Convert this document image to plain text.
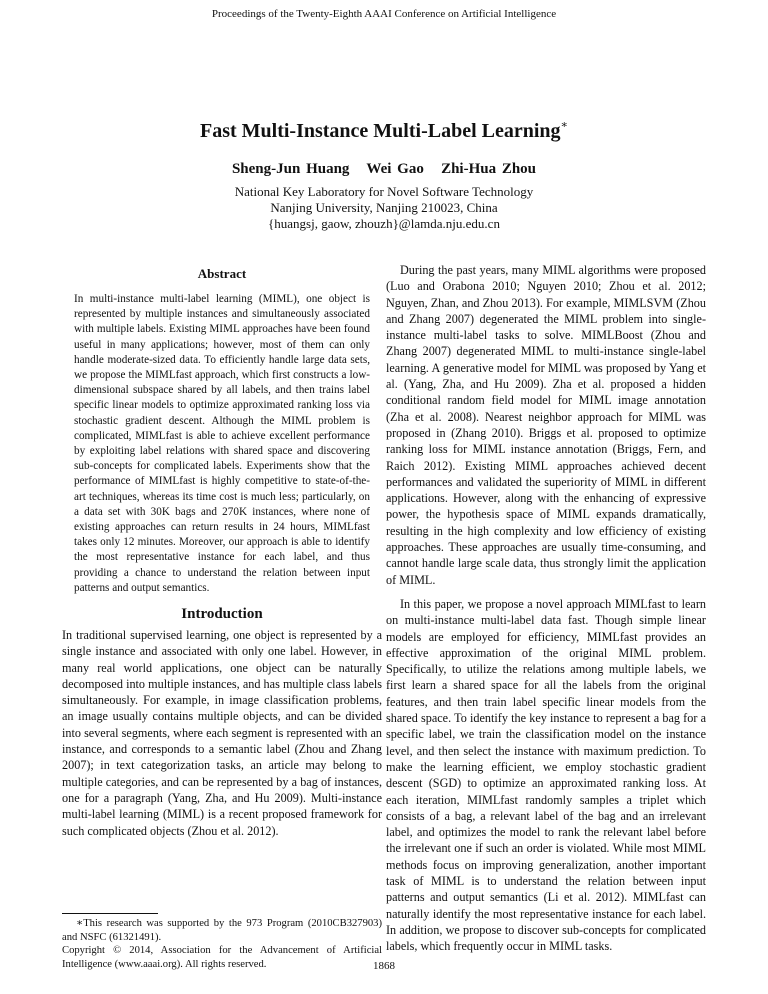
Proceedings of the Twenty-Eighth AAAI Conference on Artificial Intelligence
Fast Multi-Instance Multi-Label Learning∗
Sheng-Jun Huang   Wei Gao   Zhi-Hua Zhou
National Key Laboratory for Novel Software Technology
Nanjing University, Nanjing 210023, China
{huangsj, gaow, zhouzh}@lamda.nju.edu.cn
Abstract
In multi-instance multi-label learning (MIML), one object is represented by multiple instances and simultaneously associated with multiple labels. Existing MIML approaches have been found useful in many applications; however, most of them can only handle moderate-sized data. To efficiently handle large data sets, we propose the MIMLfast approach, which first constructs a low-dimensional subspace shared by all labels, and then trains label specific linear models to optimize approximated ranking loss via stochastic gradient descent. Although the MIML problem is complicated, MIMLfast is able to achieve excellent performance by exploiting label relations with shared space and discovering sub-concepts for complicated labels. Experiments show that the performance of MIMLfast is highly competitive to state-of-the-art techniques, whereas its time cost is much less; particularly, on a data set with 30K bags and 270K instances, where none of existing approaches can return results in 24 hours, MIMLfast takes only 12 minutes. Moreover, our approach is able to identify the most representative instance for each label, and thus providing a chance to understand the relation between input patterns and output semantics.
Introduction

In traditional supervised learning, one object is represented by a single instance and associated with only one label. However, in many real world applications, one object can be naturally decomposed into multiple instances, and has multiple class labels simultaneously. For example, in image classification problems, an image usually contains multiple objects, and can be divided into several segments, where each segment is represented with an instance, and corresponds to a semantic label (Zhou and Zhang 2007); in text categorization tasks, an article may belong to multiple categories, and can be represented by a bag of instances, one for a paragraph (Yang, Zha, and Hu 2009). Multi-instance multi-label learning (MIML) is a recent proposed framework for such complicated objects (Zhou et al. 2012).

∗This research was supported by the 973 Program (2010CB327903) and NSFC (61321491).

Copyright © 2014, Association for the Advancement of Artificial Intelligence (www.aaai.org). All rights reserved.

During the past years, many MIML algorithms were proposed (Luo and Orabona 2010; Nguyen 2010; Zhou et al. 2012; Nguyen, Zhan, and Zhou 2013). For example, MIMLSVM (Zhou and Zhang 2007) degenerated the MIML problem into single-instance multi-label tasks to solve. MIMLBoost (Zhou and Zhang 2007) degenerated MIML to multi-instance single-label learning. A generative model for MIML was proposed by Yang et al. (Yang, Zha, and Hu 2009). Zha et al. proposed a hidden conditional random field model for MIML image annotation (Zha et al. 2008). Nearest neighbor approach for MIML was proposed in (Zhang 2010). Briggs et al. proposed to optimize ranking loss for MIML instance annotation (Briggs, Fern, and Raich 2012). Existing MIML approaches achieved decent performances and validated the superiority of MIML in different applications. However, along with the enhancing of expressive power, the hypothesis space of MIML expands dramatically, resulting in the high complexity and low efficiency of existing approaches. These approaches are usually time-consuming, and cannot handle large scale data, thus strongly limit the application of MIML.

In this paper, we propose a novel approach MIMLfast to learn on multi-instance multi-label data fast. Though simple linear models are employed for efficiency, MIMLfast provides an effective approximation of the original MIML problem. Specifically, to utilize the relations among multiple labels, we first learn a shared space for all the labels from the original features, and then train label specific linear models from the shared space. To identify the key instance to represent a bag for a specific label, we train the classification model on the instance level, and then select the instance with maximum prediction. To make the learning efficient, we employ stochastic gradient descent (SGD) to optimize an approximated ranking loss. At each iteration, MIMLfast randomly samples a triplet which consists of a bag, a relevant label of the bag and an irrelevant label, and optimizes the model to rank the relevant label before the irrelevant one if such an order is violated. While most MIML methods focus on improving generalization, another important task of MIML is to understand the relation between input patterns and output semantics (Li et al. 2012). MIMLfast can naturally identify the most representative instance for each label. In addition, we propose to discover sub-concepts for complicated labels, which frequently occur in MIML tasks.

1868
